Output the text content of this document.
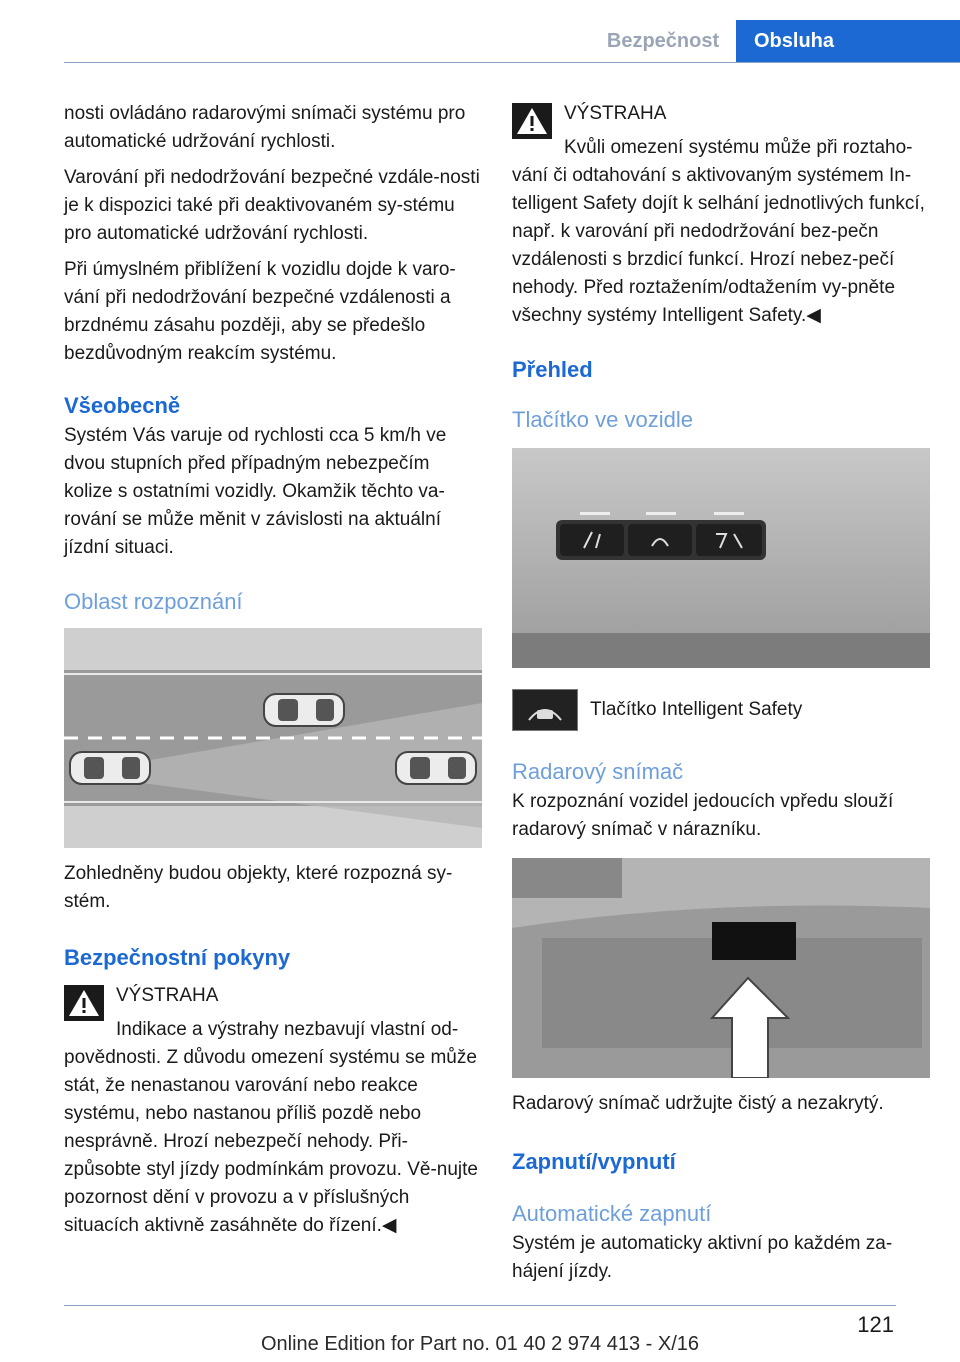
Bezpečnost	Obsluha

nosti ovládáno radarovými snímači systému pro automatické udržování rychlosti.

Varování při nedodržování bezpečné vzdále-nosti je k dispozici také při deaktivovaném sy-stému pro automatické udržování rychlosti.

Při úmyslném přiblížení k vozidlu dojde k varo-vání při nedodržování bezpečné vzdálenosti a brzdnému zásahu později, aby se předešlo bezdůvodným reakcím systému.

Všeobecně

Systém Vás varuje od rychlosti cca 5 km/h ve dvou stupních před případným nebezpečím kolize s ostatními vozidly. Okamžik těchto va-rování se může měnit v závislosti na aktuální jízdní situaci.

Oblast rozpoznání

Zohledněny budou objekty, které rozpozná sy-stém.

Bezpečnostní pokyny
VÝSTRAHA

Indikace a výstrahy nezbavují vlastní od-

povědnosti. Z důvodu omezení systému se může stát, že nenastanou varování nebo reakce systému, nebo nastanou příliš pozdě nebo nesprávně. Hrozí nebezpečí nehody. Při-způsobte styl jízdy podmínkám provozu. Vě-nujte pozornost dění v provozu a v příslušných situacích aktivně zasáhněte do řízení.◀

VÝSTRAHA

Kvůli omezení systému může při roztaho-

vání či odtahování s aktivovaným systémem In-telligent Safety dojít k selhání jednotlivých funkcí, např. k varování při nedodržování bez-pečn vzdálenosti s brzdicí funkcí. Hrozí nebez-pečí nehody. Před roztažením/odtažením vy-pněte všechny systémy Intelligent Safety.◀

Přehled
Tlačítko ve vozidle
Tlačítko Intelligent Safety
Radarový snímač

K rozpoznání vozidel jedoucích vpředu slouží radarový snímač v nárazníku.

Radarový snímač udržujte čistý a nezakrytý.

Zapnutí/vypnutí
Automatické zapnutí

Systém je automaticky aktivní po každém za-hájení jízdy.

121
Online Edition for Part no. 01 40 2 974 413 - X/16
